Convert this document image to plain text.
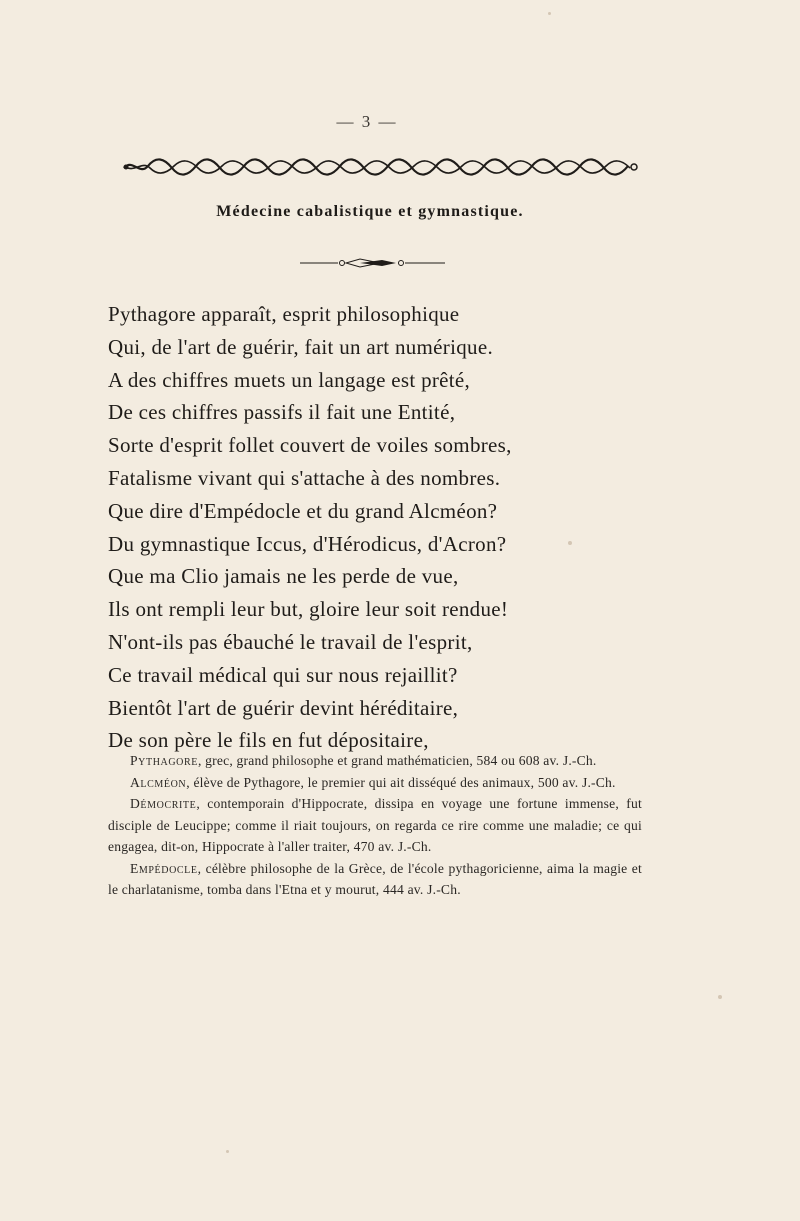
— 3 —
Médecine cabalistique et gymnastique.
Pythagore apparaît, esprit philosophique
Qui, de l'art de guérir, fait un art numérique.
A des chiffres muets un langage est prêté,
De ces chiffres passifs il fait une Entité,
Sorte d'esprit follet couvert de voiles sombres,
Fatalisme vivant qui s'attache à des nombres.
Que dire d'Empédocle et du grand Alcméon?
Du gymnastique Iccus, d'Hérodicus, d'Acron?
Que ma Clio jamais ne les perde de vue,
Ils ont rempli leur but, gloire leur soit rendue!
N'ont-ils pas ébauché le travail de l'esprit,
Ce travail médical qui sur nous rejaillit?
Bientôt l'art de guérir devint héréditaire,
De son père le fils en fut dépositaire,

Pythagore, grec, grand philosophe et grand mathématicien, 584 ou 608 av. J.-Ch.

Alcméon, élève de Pythagore, le premier qui ait disséqué des animaux, 500 av. J.-Ch.

Démocrite, contemporain d'Hippocrate, dissipa en voyage une fortune immense, fut disciple de Leucippe; comme il riait toujours, on regarda ce rire comme une maladie; ce qui engagea, dit-on, Hippocrate à l'aller traiter, 470 av. J.-Ch.

Empédocle, célèbre philosophe de la Grèce, de l'école pythagoricienne, aima la magie et le charlatanisme, tomba dans l'Etna et y mourut, 444 av. J.-Ch.
